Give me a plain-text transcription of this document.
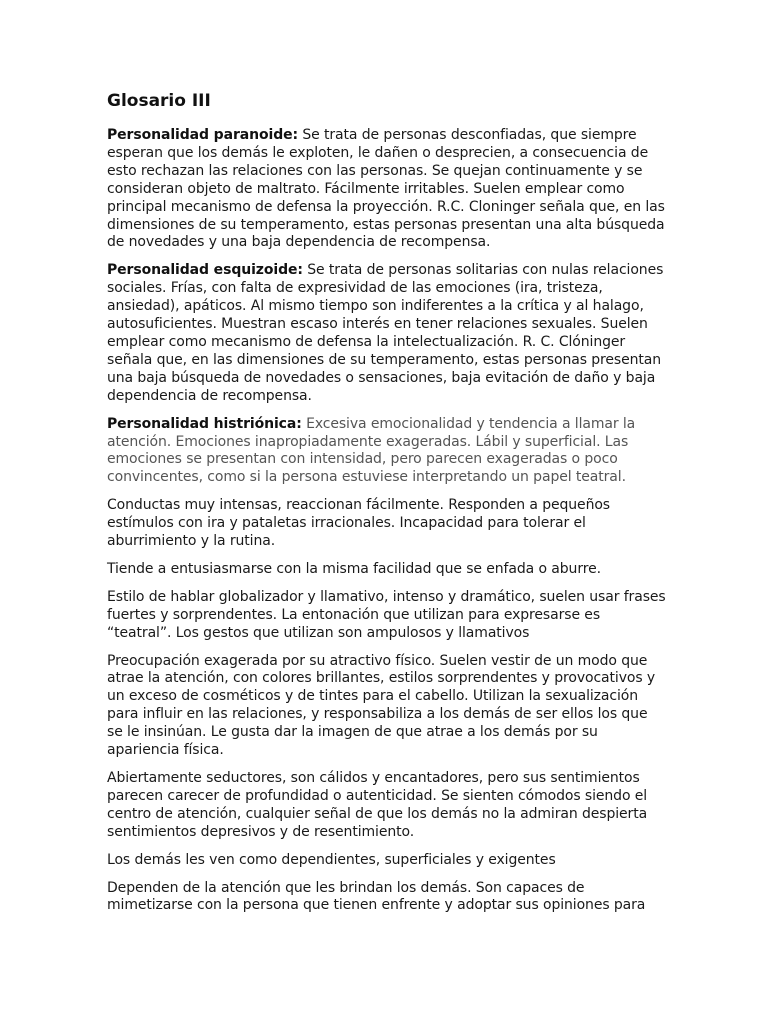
Glosario III

Personalidad paranoide: Se trata de personas desconfiadas, que siempre esperan que los demás le exploten, le dañen o desprecien, a consecuencia de esto rechazan las relaciones con las personas. Se quejan continuamente y se consideran objeto de maltrato. Fácilmente irritables. Suelen emplear como principal mecanismo de defensa la proyección. R.C. Cloninger señala que, en las dimensiones de su temperamento, estas personas presentan una alta búsqueda de novedades y una baja dependencia de recompensa.

Personalidad esquizoide: Se trata de personas solitarias con nulas relaciones sociales. Frías, con falta de expresividad de las emociones (ira, tristeza, ansiedad), apáticos. Al mismo tiempo son indiferentes a la crítica y al halago, autosuficientes. Muestran escaso interés en tener relaciones sexuales. Suelen emplear como mecanismo de defensa la intelectualización. R. C. Clóninger señala que, en las dimensiones de su temperamento, estas personas presentan una baja búsqueda de novedades o sensaciones, baja evitación de daño y baja dependencia de recompensa.

Personalidad histriónica: Excesiva emocionalidad y tendencia a llamar la atención. Emociones inapropiadamente exageradas. Lábil y superficial. Las emociones se presentan con intensidad, pero parecen exageradas o poco convincentes, como si la persona estuviese interpretando un papel teatral.

Conductas muy intensas, reaccionan fácilmente. Responden a pequeños estímulos con ira y pataletas irracionales. Incapacidad para tolerar el aburrimiento y la rutina.

Tiende a entusiasmarse con la misma facilidad que se enfada o aburre.

Estilo de hablar globalizador y llamativo, intenso y dramático, suelen usar frases fuertes y sorprendentes. La entonación que utilizan para expresarse es “teatral”. Los gestos que utilizan son ampulosos y llamativos

Preocupación exagerada por su atractivo físico. Suelen vestir de un modo que atrae la atención, con colores brillantes, estilos sorprendentes y provocativos y un exceso de cosméticos y de tintes para el cabello. Utilizan la sexualización para influir en las relaciones, y responsabiliza a los demás de ser ellos los que se le insinúan. Le gusta dar la imagen de que atrae a los demás por su apariencia física.

Abiertamente seductores, son cálidos y encantadores, pero sus sentimientos parecen carecer de profundidad o autenticidad. Se sienten cómodos siendo el centro de atención, cualquier señal de que los demás no la admiran despierta sentimientos depresivos y de resentimiento.

Los demás les ven como dependientes, superficiales y exigentes

Dependen de la atención que les brindan los demás. Son capaces de mimetizarse con la persona que tienen enfrente y adoptar sus opiniones para
